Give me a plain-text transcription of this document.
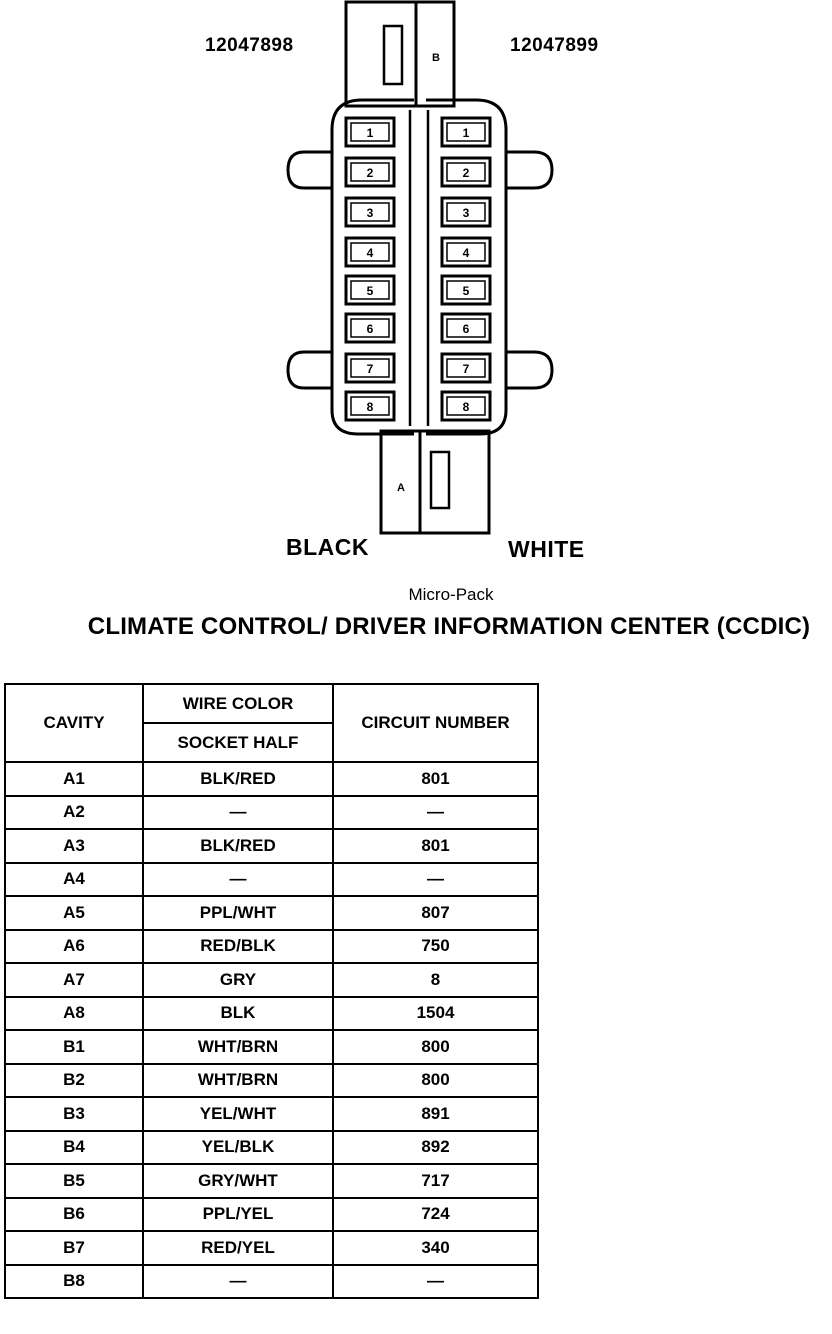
1
2
3
4
5
6
7
8
1
2
3
4
5
6
7
8
B
A
12047898	12047899
BLACK	WHITE
Micro-Pack
CLIMATE CONTROL/ DRIVER INFORMATION CENTER (CCDIC)
CAVITY	WIRE COLOR	CIRCUIT NUMBER
	SOCKET HALF	
A1	BLK/RED	801
A2	—	—
A3	BLK/RED	801
A4	—	—
A5	PPL/WHT	807
A6	RED/BLK	750
A7	GRY	8
A8	BLK	1504
B1	WHT/BRN	800
B2	WHT/BRN	800
B3	YEL/WHT	891
B4	YEL/BLK	892
B5	GRY/WHT	717
B6	PPL/YEL	724
B7	RED/YEL	340
B8	—	—
